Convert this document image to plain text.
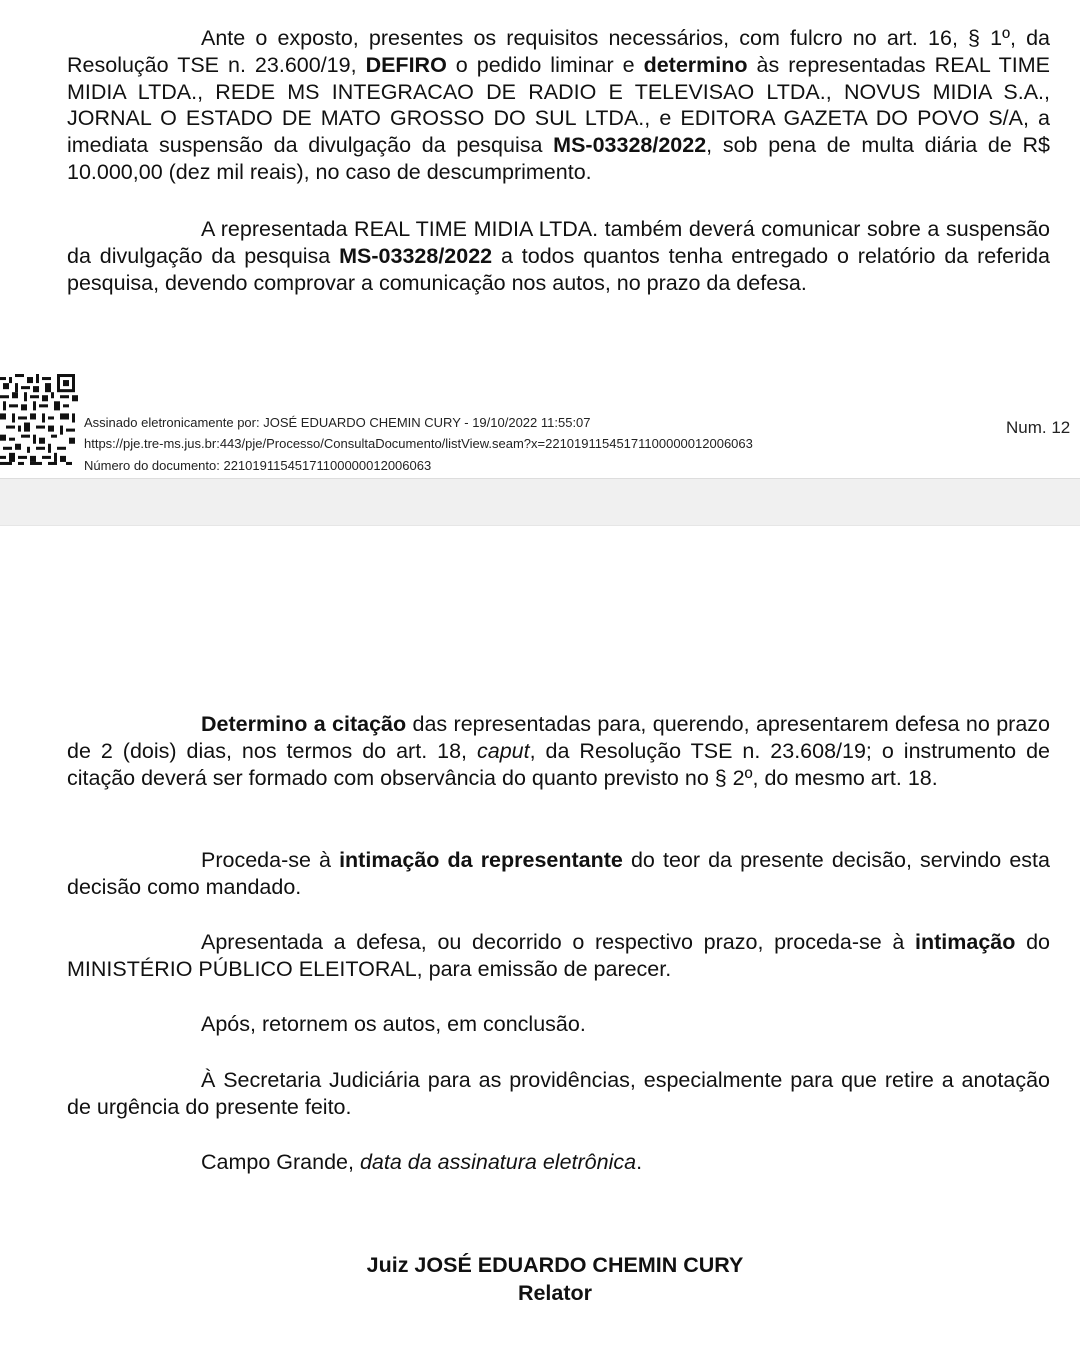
Ante o exposto, presentes os requisitos necessários, com fulcro no art. 16, § 1º, da Resolução TSE n. 23.600/19, DEFIRO o pedido liminar e determino às representadas REAL TIME MIDIA LTDA., REDE MS INTEGRACAO DE RADIO E TELEVISAO LTDA., NOVUS MIDIA S.A., JORNAL O ESTADO DE MATO GROSSO DO SUL LTDA., e EDITORA GAZETA DO POVO S/A, a imediata suspensão da divulgação da pesquisa MS-03328/2022, sob pena de multa diária de R$ 10.000,00 (dez mil reais), no caso de descumprimento.

A representada REAL TIME MIDIA LTDA. também deverá comunicar sobre a suspensão da divulgação da pesquisa MS-03328/2022 a todos quantos tenha entregado o relatório da referida pesquisa, devendo comprovar a comunicação nos autos, no prazo da defesa.

Assinado eletronicamente por: JOSÉ EDUARDO CHEMIN CURY - 19/10/2022 11:55:07
https://pje.tre-ms.jus.br:443/pje/Processo/ConsultaDocumento/listView.seam?x=22101911545171100000012006063
Número do documento: 22101911545171100000012006063
Num. 12

Determino a citação das representadas para, querendo, apresentarem defesa no prazo de 2 (dois) dias, nos termos do art. 18, caput, da Resolução TSE n. 23.608/19; o instrumento de citação deverá ser formado com observância do quanto previsto no § 2º, do mesmo art. 18.

Proceda-se à intimação da representante do teor da presente decisão, servindo esta decisão como mandado.

Apresentada a defesa, ou decorrido o respectivo prazo, proceda-se à intimação do MINISTÉRIO PÚBLICO ELEITORAL, para emissão de parecer.

Após, retornem os autos, em conclusão.

À Secretaria Judiciária para as providências, especialmente para que retire a anotação de urgência do presente feito.

Campo Grande, data da assinatura eletrônica.

Juiz JOSÉ EDUARDO CHEMIN CURY
Relator
